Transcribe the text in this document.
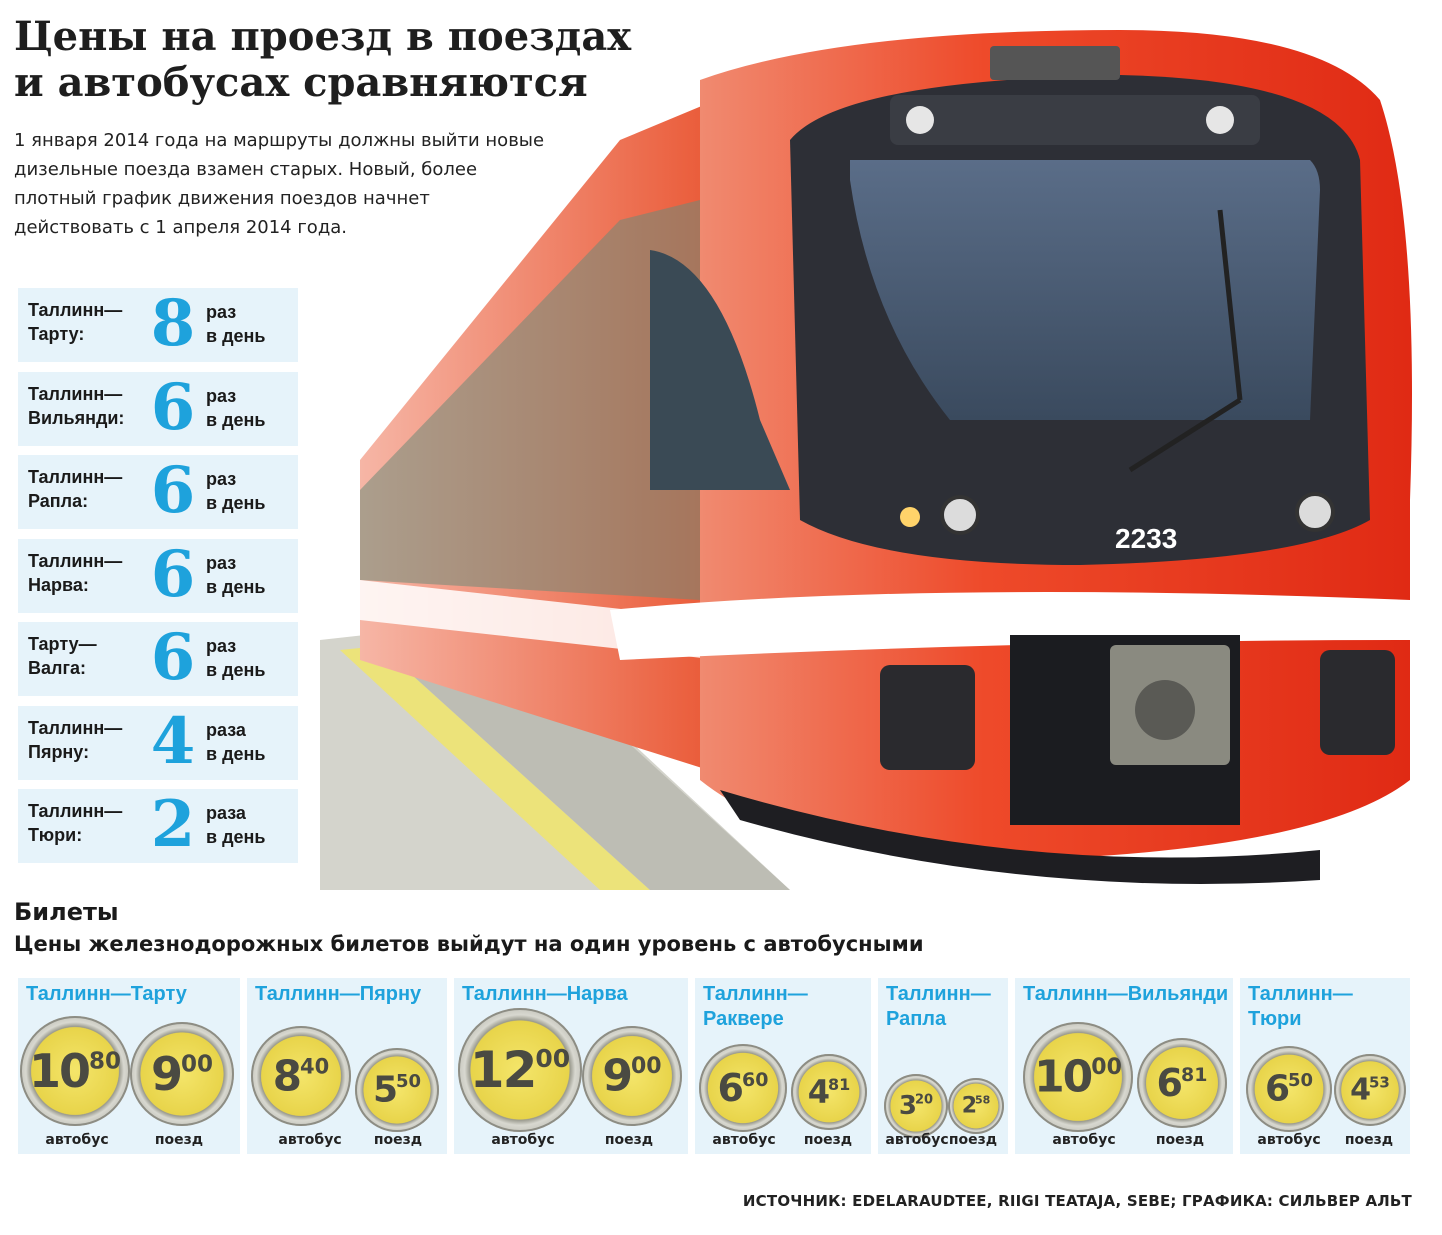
Цены на проезд в поездах и автобусах сравняются

1 января 2014 года на маршруты должны выйти новые дизельные поезда взамен старых. Новый, более плотный график движения поездов начнет действовать с 1 апреля 2014 года.

2233
Таллинн—
Тарту:	8 раз
в день
Таллинн—
Вильянди: 6 раз
в день
Таллинн—
Рапла: 6 раз
в день
Таллинн—
Нарва: 6 раз
в день
Тарту—
Валга:	6 раз
в день
Таллинн—
Пярну: 4 раза
в день
Таллинн—
Тюри:	2 раза
в день
Билеты

Цены железнодорожных билетов выйдут на один уровень с автобусными

Таллинн—Тарту
$10^{80}$ $9^{00}$
автобус	поезд
Таллинн—Пярну
$8^{40}$
$5^{50}$
автобус	поезд
Таллинн—Нарва
$12^{00}$ $9^{00}$
автобус	поезд
Таллинн—
Раквере
$6^{60}$	$4^{81}$
автобус	поезд
Таллинн—
Рапла
$3^{20}$	$2^{58}$
автобус поезд
Таллинн—Вильянди
$10^{00}$ $6^{81}$
автобус	поезд
Таллинн—
Тюри
$6^{50}$	$4^{53}$
автобус	поезд

ИСТОЧНИК: EDELARAUDTEE, RIIGI TEATAJA, SEBE; ГРАФИКА: СИЛЬВЕР АЛЬТ
